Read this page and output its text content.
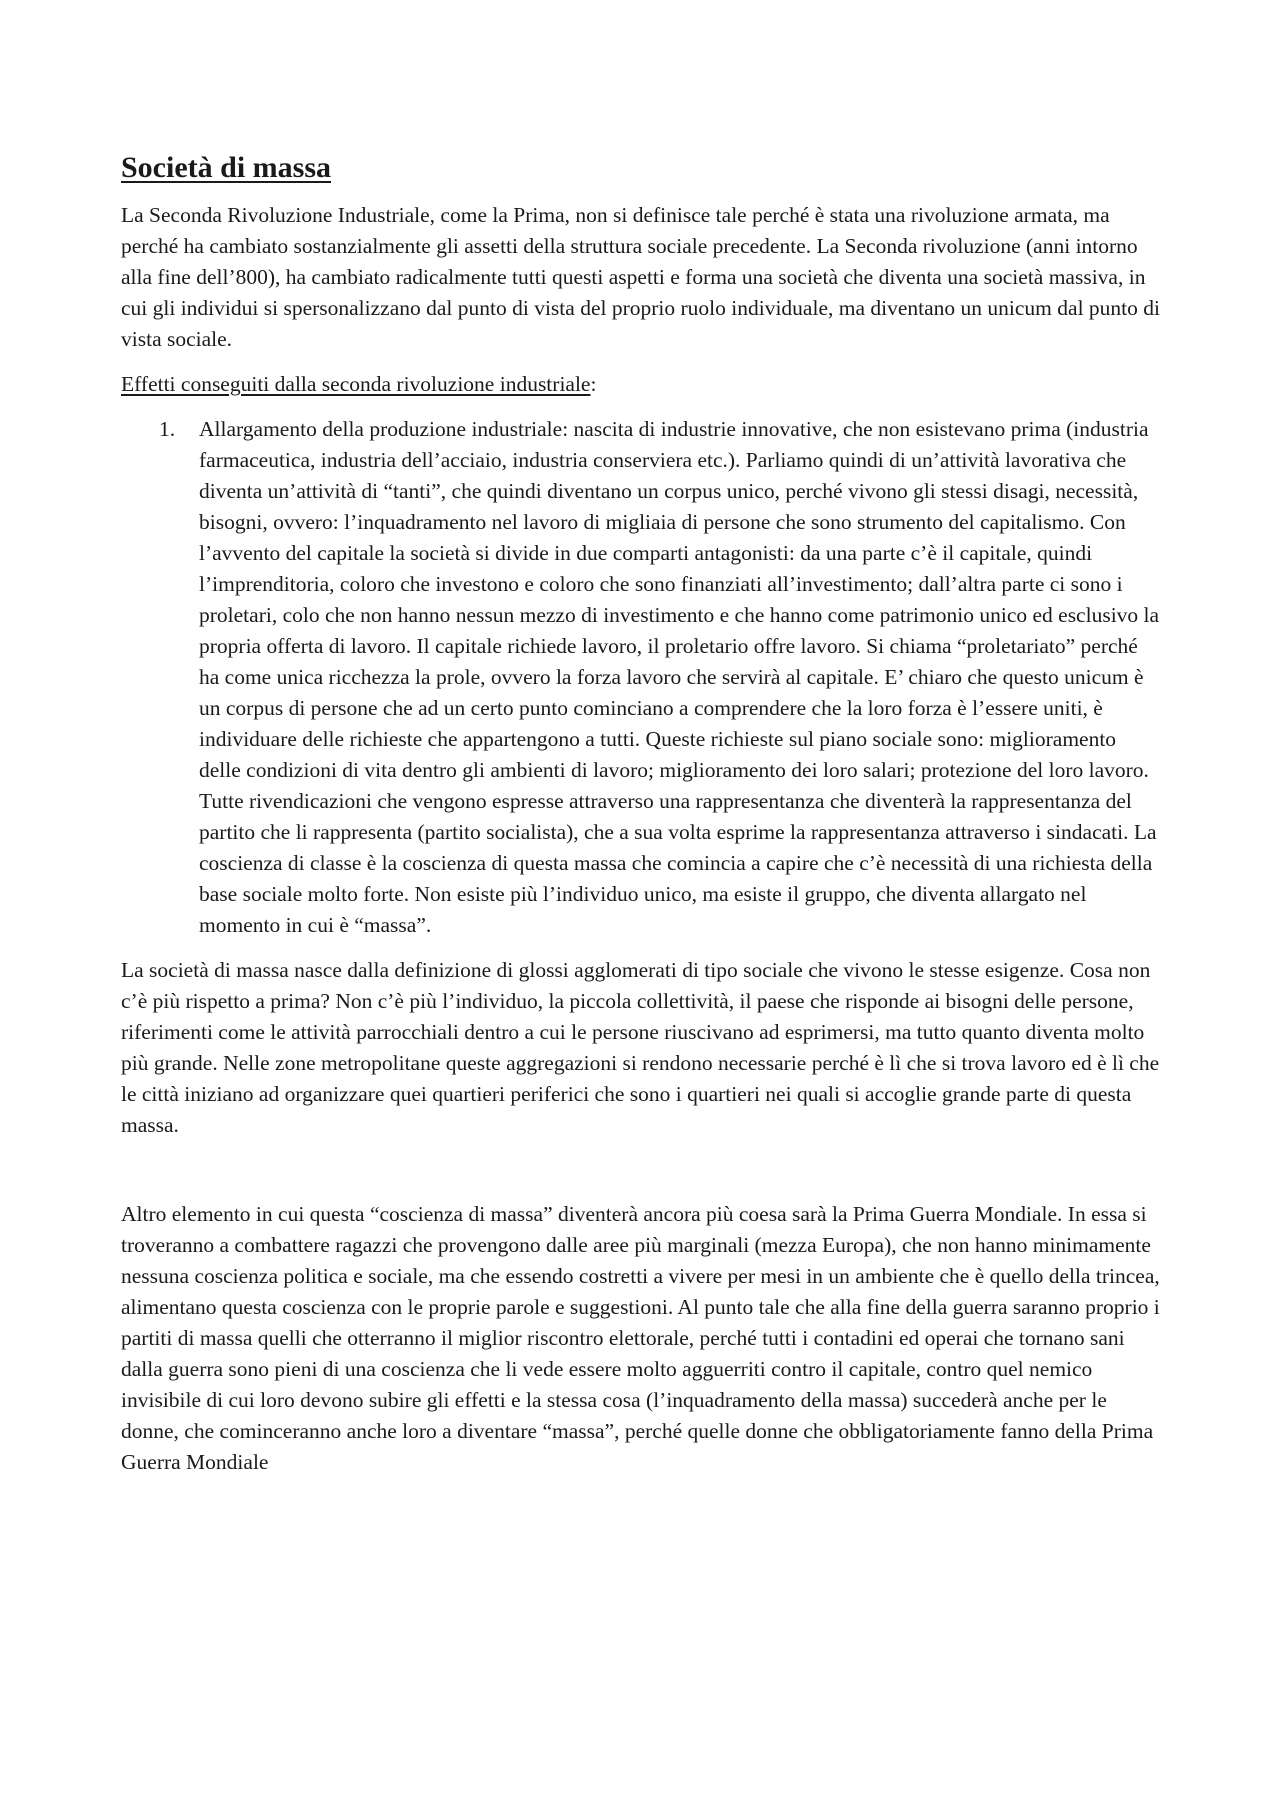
Società di massa

La Seconda Rivoluzione Industriale, come la Prima, non si definisce tale perché è stata una rivoluzione armata, ma perché ha cambiato sostanzialmente gli assetti della struttura sociale precedente. La Seconda rivoluzione (anni intorno alla fine dell’800), ha cambiato radicalmente tutti questi aspetti e forma una società che diventa una società massiva, in cui gli individui si spersonalizzano dal punto di vista del proprio ruolo individuale, ma diventano un unicum dal punto di vista sociale.

Effetti conseguiti dalla seconda rivoluzione industriale:

1. Allargamento della produzione industriale: nascita di industrie innovative, che non esistevano prima (industria farmaceutica, industria dell’acciaio, industria conserviera etc.). Parliamo quindi di un’attività lavorativa che diventa un’attività di “tanti”, che quindi diventano un corpus unico, perché vivono gli stessi disagi, necessità, bisogni, ovvero: l’inquadramento nel lavoro di migliaia di persone che sono strumento del capitalismo. Con l’avvento del capitale la società si divide in due comparti antagonisti: da una parte c’è il capitale, quindi l’imprenditoria, coloro che investono e coloro che sono finanziati all’investimento; dall’altra parte ci sono i proletari, colo che non hanno nessun mezzo di investimento e che hanno come patrimonio unico ed esclusivo la propria offerta di lavoro. Il capitale richiede lavoro, il proletario offre lavoro. Si chiama “proletariato” perché ha come unica ricchezza la prole, ovvero la forza lavoro che servirà al capitale. E’ chiaro che questo unicum è un corpus di persone che ad un certo punto cominciano a comprendere che la loro forza è l’essere uniti, è individuare delle richieste che appartengono a tutti. Queste richieste sul piano sociale sono: miglioramento delle condizioni di vita dentro gli ambienti di lavoro; miglioramento dei loro salari; protezione del loro lavoro. Tutte rivendicazioni che vengono espresse attraverso una rappresentanza che diventerà la rappresentanza del partito che li rappresenta (partito socialista), che a sua volta esprime la rappresentanza attraverso i sindacati. La coscienza di classe è la coscienza di questa massa che comincia a capire che c’è necessità di una richiesta della base sociale molto forte. Non esiste più l’individuo unico, ma esiste il gruppo, che diventa allargato nel momento in cui è “massa”.

La società di massa nasce dalla definizione di glossi agglomerati di tipo sociale che vivono le stesse esigenze. Cosa non c’è più rispetto a prima? Non c’è più l’individuo, la piccola collettività, il paese che risponde ai bisogni delle persone, riferimenti come le attività parrocchiali dentro a cui le persone riuscivano ad esprimersi, ma tutto quanto diventa molto più grande. Nelle zone metropolitane queste aggregazioni si rendono necessarie perché è lì che si trova lavoro ed è lì che le città iniziano ad organizzare quei quartieri periferici che sono i quartieri nei quali si accoglie grande parte di questa massa.

Altro elemento in cui questa “coscienza di massa” diventerà ancora più coesa sarà la Prima Guerra Mondiale. In essa si troveranno a combattere ragazzi che provengono dalle aree più marginali (mezza Europa), che non hanno minimamente nessuna coscienza politica e sociale, ma che essendo costretti a vivere per mesi in un ambiente che è quello della trincea, alimentano questa coscienza con le proprie parole e suggestioni. Al punto tale che alla fine della guerra saranno proprio i partiti di massa quelli che otterranno il miglior riscontro elettorale, perché tutti i contadini ed operai che tornano sani dalla guerra sono pieni di una coscienza che li vede essere molto agguerriti contro il capitale, contro quel nemico invisibile di cui loro devono subire gli effetti e la stessa cosa (l’inquadramento della massa) succederà anche per le donne, che cominceranno anche loro a diventare “massa”, perché quelle donne che obbligatoriamente fanno della Prima Guerra Mondiale
